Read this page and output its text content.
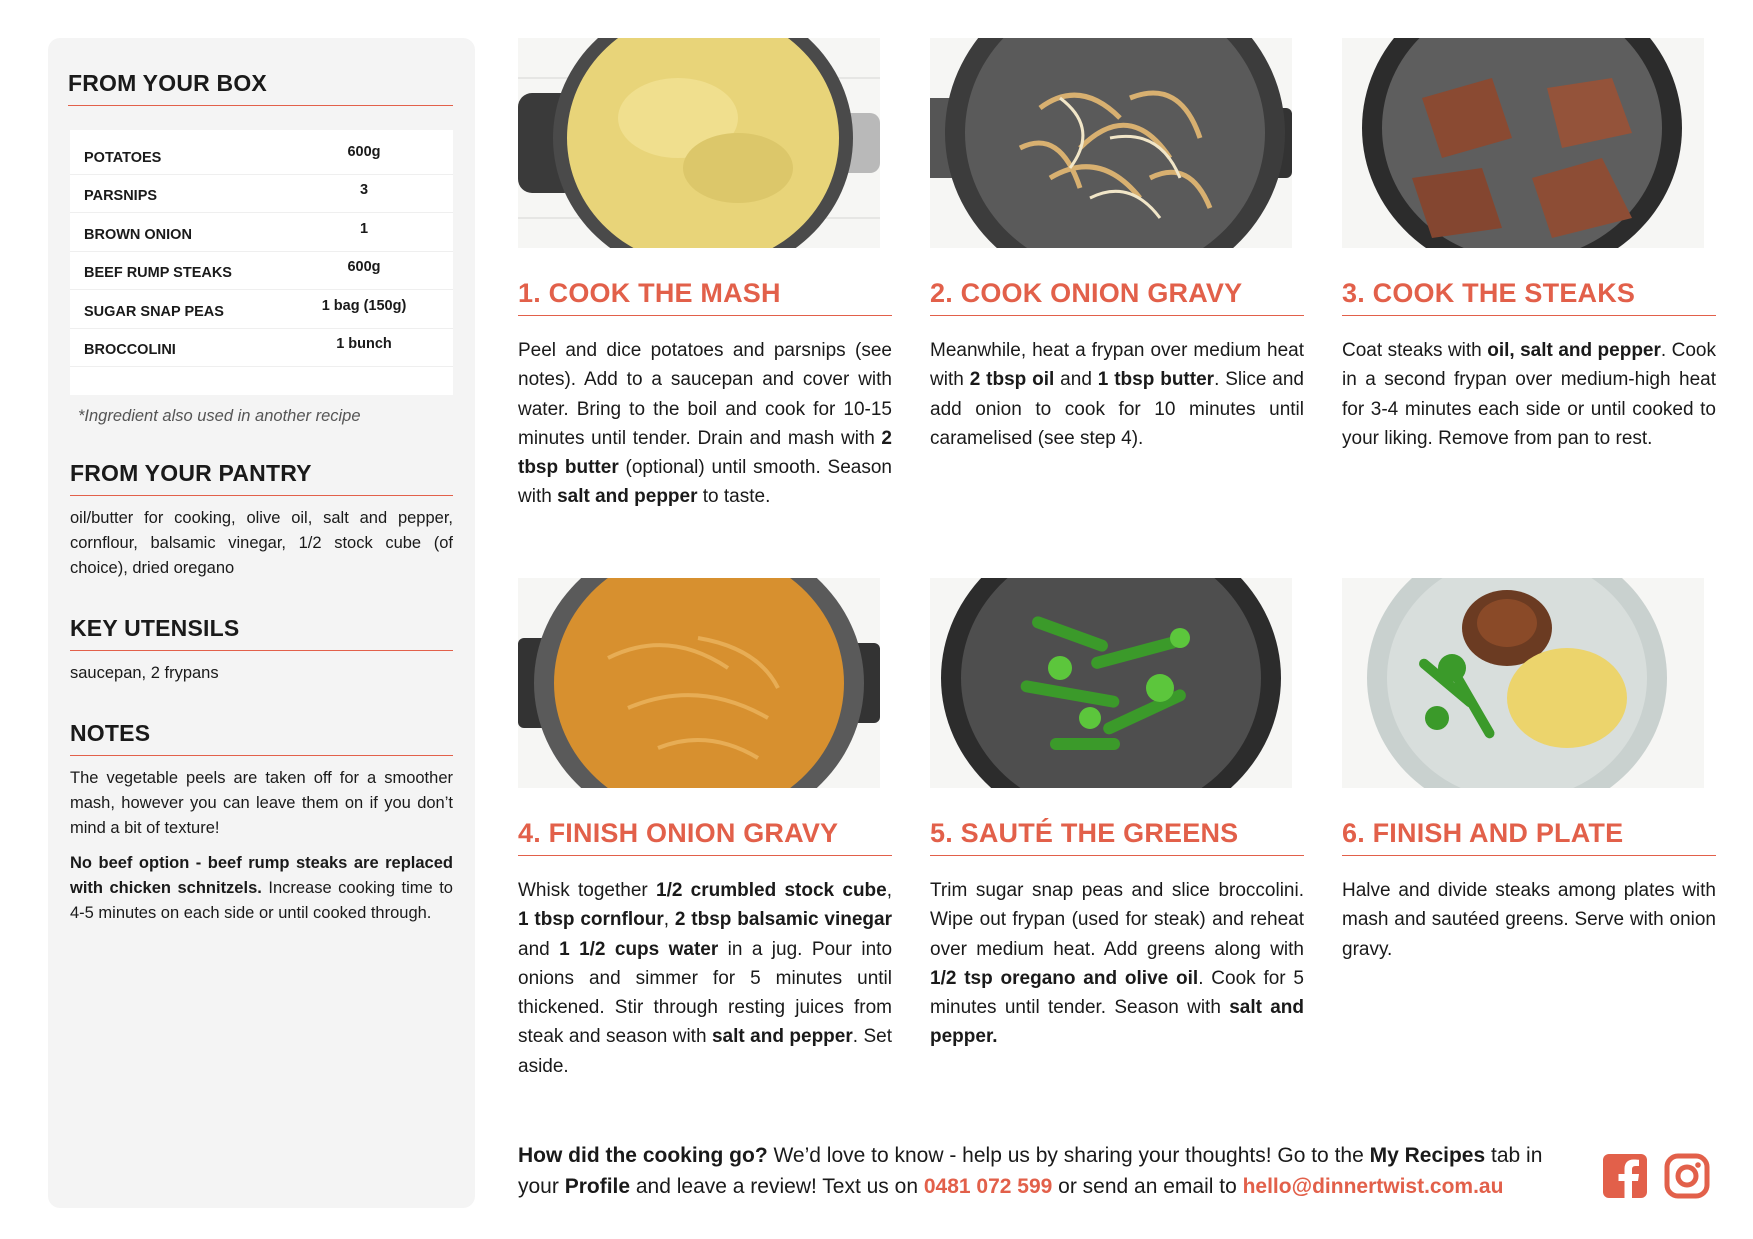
FROM YOUR BOX
POTATOES	600g
PARSNIPS	3
BROWN ONION	1
BEEF RUMP STEAKS	600g
SUGAR SNAP PEAS	1 bag (150g)
BROCCOLINI	1 bunch
*Ingredient also used in another recipe
FROM YOUR PANTRY
oil/butter for cooking, olive oil, salt and pepper, cornflour, balsamic vinegar, 1/2 stock cube (of choice), dried oregano
KEY UTENSILS
saucepan, 2 frypans
NOTES
The vegetable peels are taken off for a smoother mash, however you can leave them on if you don’t mind a bit of texture!
No beef option - beef rump steaks are replaced with chicken schnitzels. Increase cooking time to 4-5 minutes on each side or until cooked through.
1. COOK THE MASH
Peel and dice potatoes and parsnips (see notes). Add to a saucepan and cover with water. Bring to the boil and cook for 10-15 minutes until tender. Drain and mash with 2 tbsp butter (optional) until smooth. Season with salt and pepper to taste.
2. COOK ONION GRAVY
Meanwhile, heat a frypan over medium heat with 2 tbsp oil and 1 tbsp butter. Slice and add onion to cook for 10 minutes until caramelised (see step 4).
3. COOK THE STEAKS
Coat steaks with oil, salt and pepper. Cook in a second frypan over medium-high heat for 3-4 minutes each side or until cooked to your liking. Remove from pan to rest.
4. FINISH ONION GRAVY
Whisk together 1/2 crumbled stock cube, 1 tbsp cornflour, 2 tbsp balsamic vinegar and 1 1/2 cups water in a jug. Pour into onions and simmer for 5 minutes until thickened. Stir through resting juices from steak and season with salt and pepper. Set aside.
5. SAUTÉ THE GREENS
Trim sugar snap peas and slice broccolini. Wipe out frypan (used for steak) and reheat over medium heat. Add greens along with 1/2 tsp oregano and olive oil. Cook for 5 minutes until tender. Season with salt and pepper.
6. FINISH AND PLATE
Halve and divide steaks among plates with mash and sautéed greens. Serve with onion gravy.
How did the cooking go? We’d love to know - help us by sharing your thoughts! Go to the My Recipes tab in your Profile and leave a review! Text us on 0481 072 599 or send an email to hello@dinnertwist.com.au
